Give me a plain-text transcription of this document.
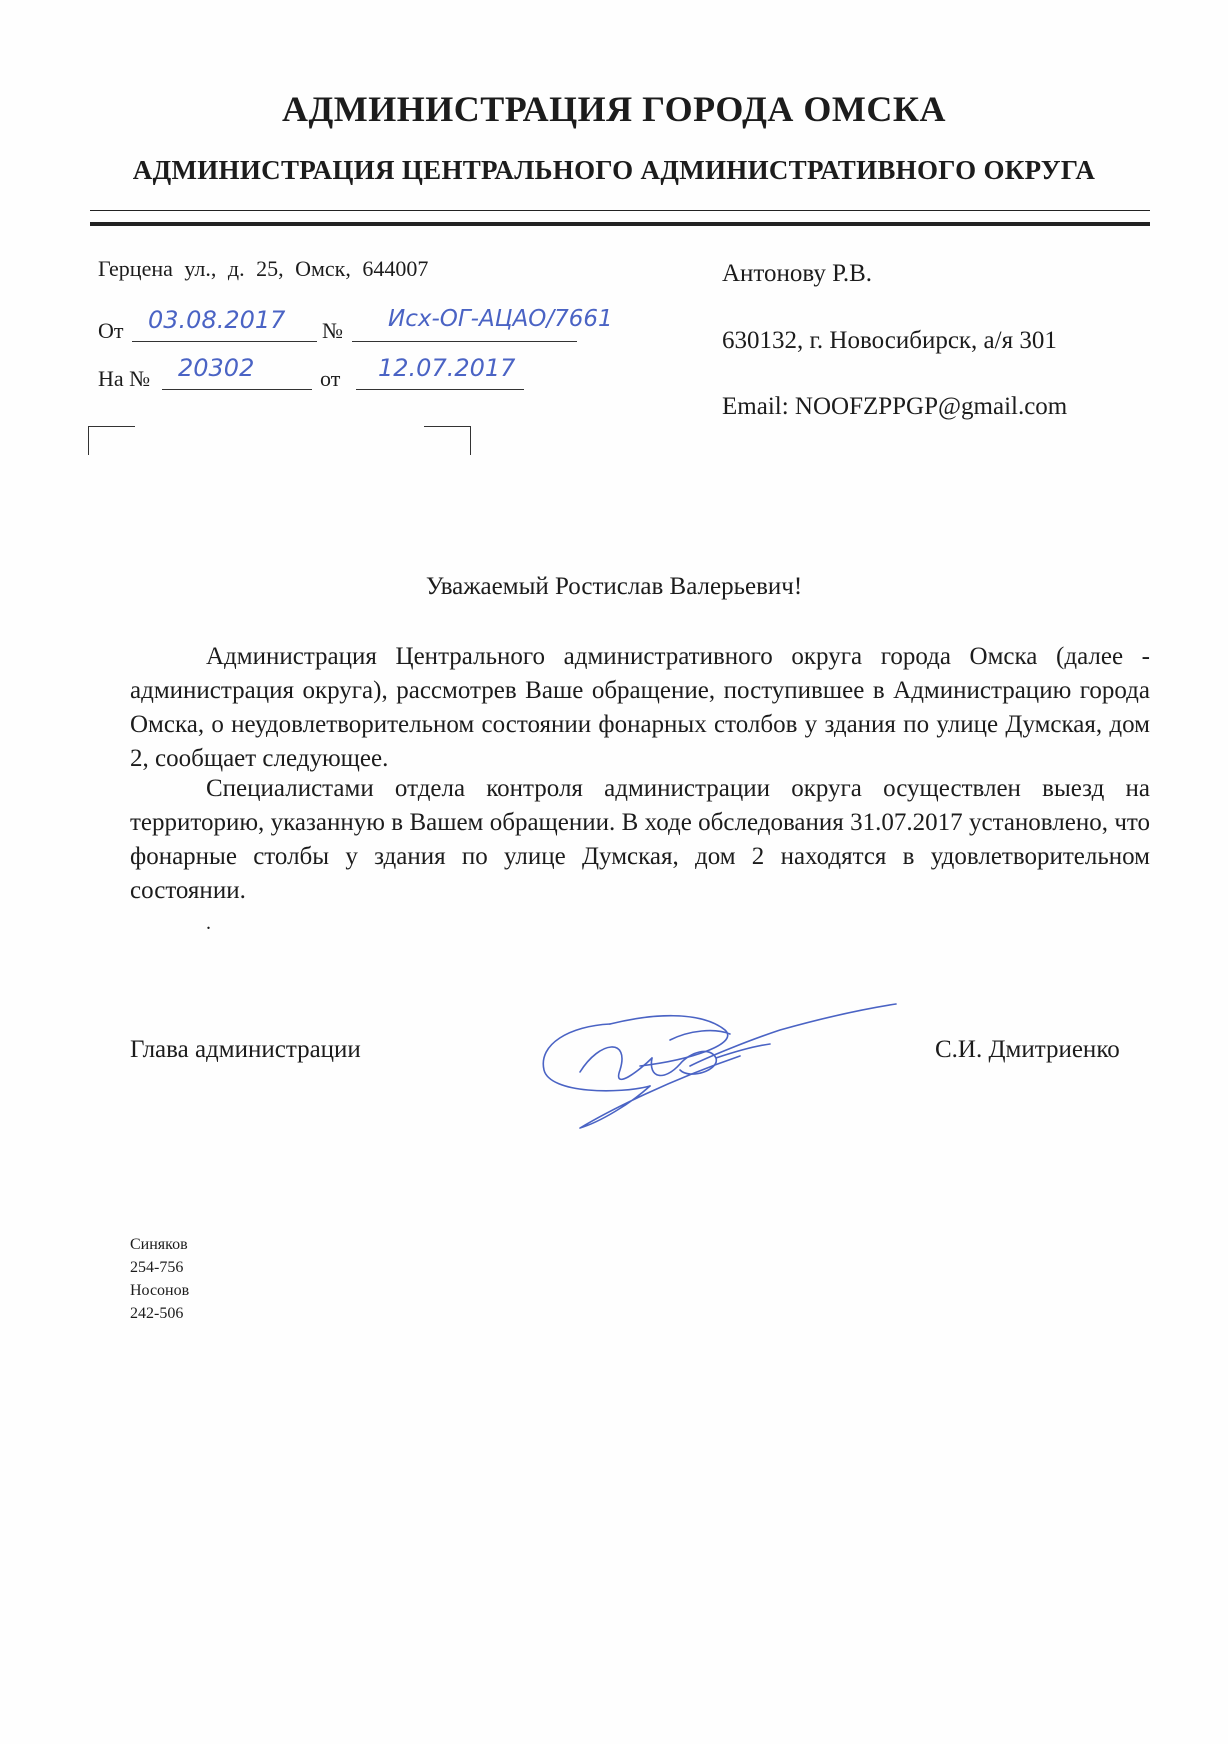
АДМИНИСТРАЦИЯ ГОРОДА ОМСКА
АДМИНИСТРАЦИЯ ЦЕНТРАЛЬНОГО АДМИНИСТРАТИВНОГО ОКРУГА
Герцена ул., д. 25, Омск, 644007
От 03.08.2017 № Исх-ОГ-АЦАО/7661
На № 20302	от 12.07.2017
Антонову Р.В.
630132, г. Новосибирск, а/я 301
Email: NOOFZPPGP@gmail.com
Уважаемый Ростислав Валерьевич!

Администрация Центрального административного округа города Омска (далее - администрация округа), рассмотрев Ваше обращение, поступившее в Администрацию города Омска, о неудовлетворительном состоянии фонарных столбов у здания по улице Думская, дом 2, сообщает следующее.

Специалистами отдела контроля администрации округа осуществлен выезд на территорию, указанную в Вашем обращении. В ходе обследования 31.07.2017 установлено, что фонарные столбы у здания по улице Думская, дом 2 находятся в удовлетворительном состоянии.

.
Глава администрации	С.И. Дмитриенко
Синяков
254-756
Носонов
242-506
